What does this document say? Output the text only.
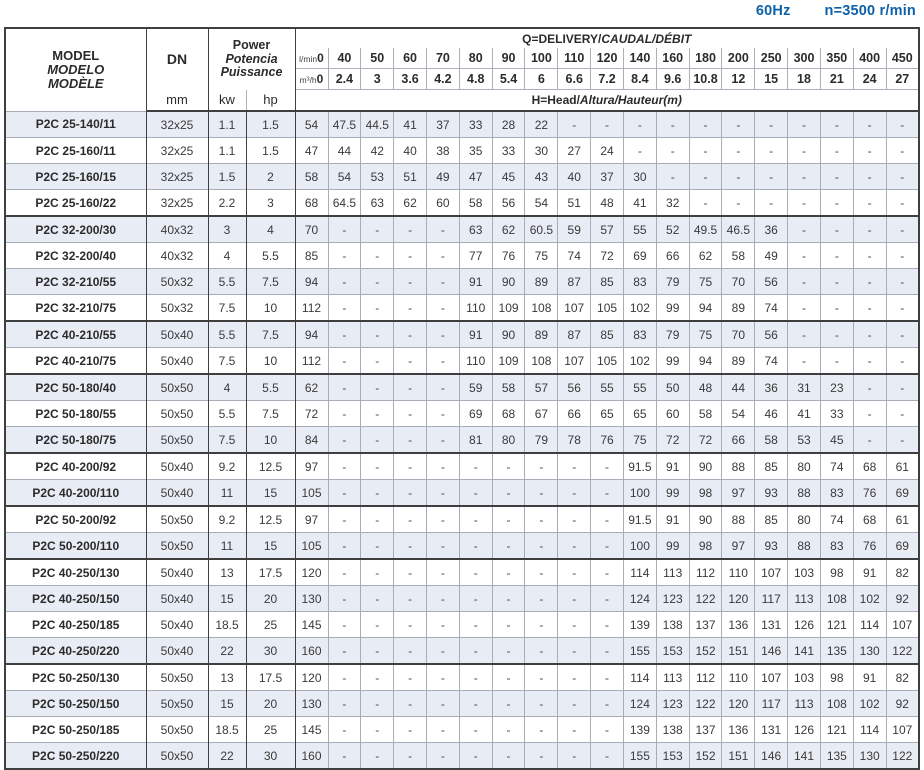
60Hz n=3500 r/min
MODEL
MODELO
MODÈLE
	DN	
Power
Potencia
Puissance
	Q=DELIVERY/CAUDAL/DÉBIT
				l/min0	40	50	60	70	80	90	100	110	120	140	160	180	200	250	300	350	400	450
				m³/h0	2.4	3	3.6	4.2	4.8	5.4	6	6.6	7.2	8.4	9.6	10.8	12	15	18	21	24	27
	mm	kw	hp	H=Head/Altura/Hauteur(m)																		
P2C 25-140/11	32x25	1.1	1.5	54	47.5	44.5	41	37	33	28	22	-	-	-	-	-	-	-	-	-	-	-
P2C 25-160/11	32x25	1.1	1.5	47	44	42	40	38	35	33	30	27	24	-	-	-	-	-	-	-	-	-
P2C 25-160/15	32x25	1.5	2	58	54	53	51	49	47	45	43	40	37	30	-	-	-	-	-	-	-	-
P2C 25-160/22	32x25	2.2	3	68	64.5	63	62	60	58	56	54	51	48	41	32	-	-	-	-	-	-	-
P2C 32-200/30	40x32	3	4	70	-	-	-	-	63	62	60.5	59	57	55	52	49.5	46.5	36	-	-	-	-
P2C 32-200/40	40x32	4	5.5	85	-	-	-	-	77	76	75	74	72	69	66	62	58	49	-	-	-	-
P2C 32-210/55	50x32	5.5	7.5	94	-	-	-	-	91	90	89	87	85	83	79	75	70	56	-	-	-	-
P2C 32-210/75	50x32	7.5	10	112	-	-	-	-	110	109	108	107	105	102	99	94	89	74	-	-	-	-
P2C 40-210/55	50x40	5.5	7.5	94	-	-	-	-	91	90	89	87	85	83	79	75	70	56	-	-	-	-
P2C 40-210/75	50x40	7.5	10	112	-	-	-	-	110	109	108	107	105	102	99	94	89	74	-	-	-	-
P2C 50-180/40	50x50	4	5.5	62	-	-	-	-	59	58	57	56	55	55	50	48	44	36	31	23	-	-
P2C 50-180/55	50x50	5.5	7.5	72	-	-	-	-	69	68	67	66	65	65	60	58	54	46	41	33	-	-
P2C 50-180/75	50x50	7.5	10	84	-	-	-	-	81	80	79	78	76	75	72	72	66	58	53	45	-	-
P2C 40-200/92	50x40	9.2	12.5	97	-	-	-	-	-	-	-	-	-	91.5	91	90	88	85	80	74	68	61
P2C 40-200/110	50x40	11	15	105	-	-	-	-	-	-	-	-	-	100	99	98	97	93	88	83	76	69
P2C 50-200/92	50x50	9.2	12.5	97	-	-	-	-	-	-	-	-	-	91.5	91	90	88	85	80	74	68	61
P2C 50-200/110	50x50	11	15	105	-	-	-	-	-	-	-	-	-	100	99	98	97	93	88	83	76	69
P2C 40-250/130	50x40	13	17.5	120	-	-	-	-	-	-	-	-	-	114	113	112	110	107	103	98	91	82
P2C 40-250/150	50x40	15	20	130	-	-	-	-	-	-	-	-	-	124	123	122	120	117	113	108	102	92
P2C 40-250/185	50x40	18.5	25	145	-	-	-	-	-	-	-	-	-	139	138	137	136	131	126	121	114	107
P2C 40-250/220	50x40	22	30	160	-	-	-	-	-	-	-	-	-	155	153	152	151	146	141	135	130	122
P2C 50-250/130	50x50	13	17.5	120	-	-	-	-	-	-	-	-	-	114	113	112	110	107	103	98	91	82
P2C 50-250/150	50x50	15	20	130	-	-	-	-	-	-	-	-	-	124	123	122	120	117	113	108	102	92
P2C 50-250/185	50x50	18.5	25	145	-	-	-	-	-	-	-	-	-	139	138	137	136	131	126	121	114	107
P2C 50-250/220	50x50	22	30	160	-	-	-	-	-	-	-	-	-	155	153	152	151	146	141	135	130	122
